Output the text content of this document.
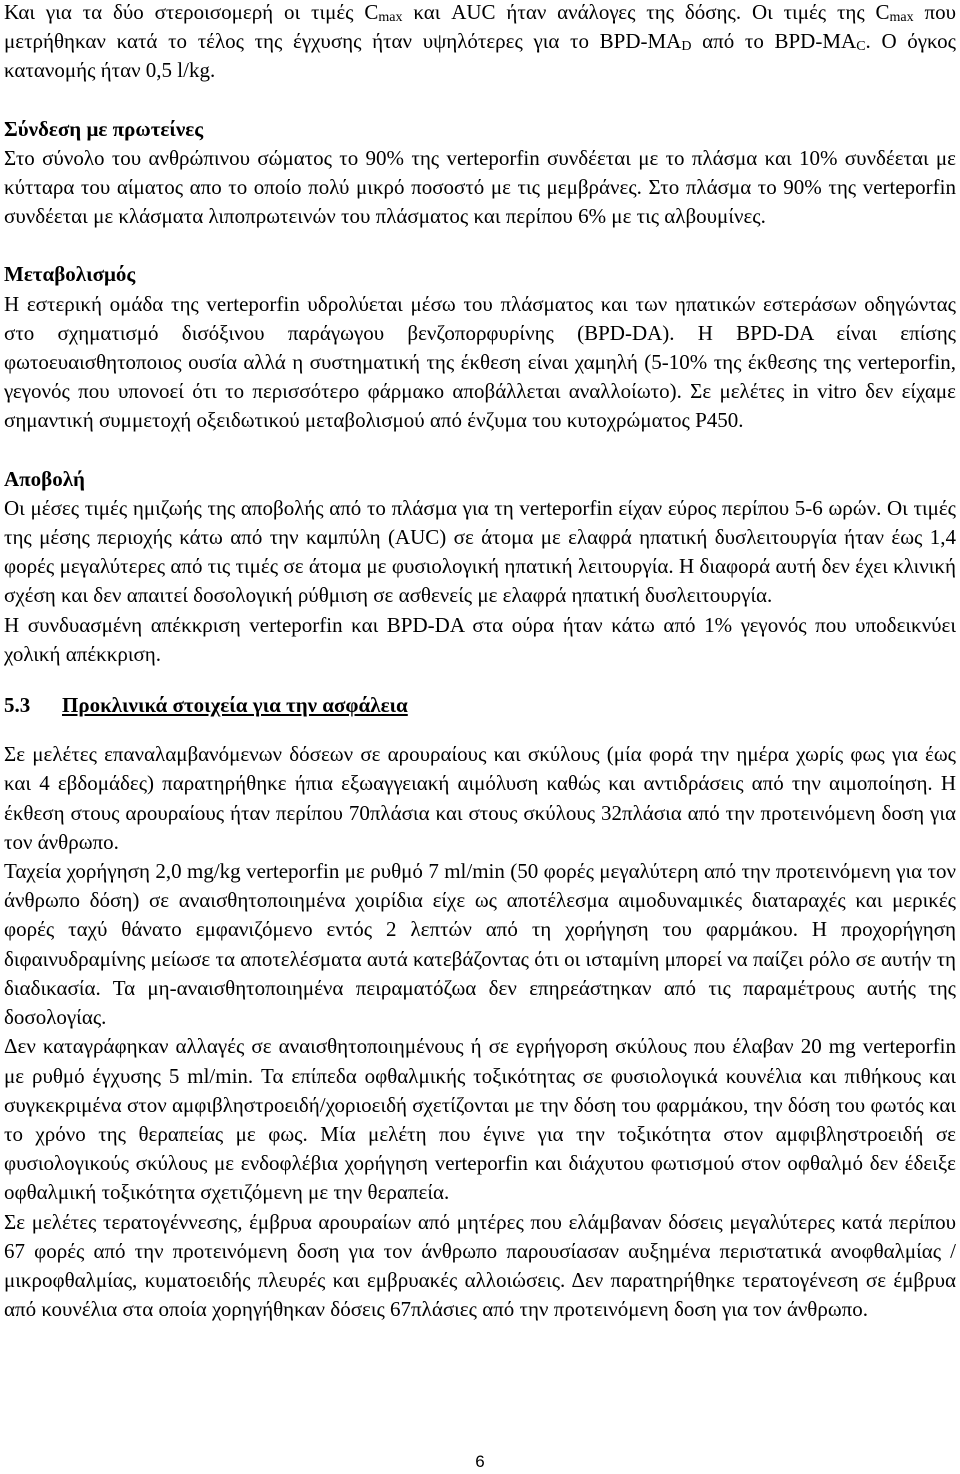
Και για τα δύο στεροισομερή οι τιμές $C_{max}$ και AUC ήταν ανάλογες της δόσης. Οι τιμές της $C_{max}$ που μετρήθηκαν κατά το τέλος της έγχυσης ήταν υψηλότερες για το BPD-$MA_D$ από το BPD-$MA_C$. Ο όγκος κατανομής ήταν 0,5 l/kg.

Σύνδεση με πρωτείνες

Στο σύνολο του ανθρώπινου σώματος το 90% της verteporfin συνδέεται με το πλάσμα και 10% συνδέεται με κύτταρα του αίματος απο το οποίο πολύ μικρό ποσοστό με τις μεμβράνες. Στο πλάσμα το 90% της verteporfin συνδέεται με κλάσματα λιποπρωτεινών του πλάσματος και περίπου 6% με τις αλβουμίνες.

Μεταβολισμός

Η εστερική ομάδα της verteporfin υδρολύεται μέσω του πλάσματος και των ηπατικών εστεράσων οδηγώντας στο σχηματισμό δισόξινου παράγωγου βενζοπορφυρίνης (BPD-DA). Η BPD-DA είναι επίσης φωτοευαισθητοποιος ουσία αλλά η συστηματική της έκθεση είναι χαμηλή (5-10% της έκθεσης της verteporfin, γεγονός που υπονοεί ότι το περισσότερο φάρμακο αποβάλλεται αναλλοίωτο). Σε μελέτες in vitro δεν είχαμε σημαντική συμμετοχή οξειδωτικού μεταβολισμού από ένζυμα του κυτοχρώματος P450.

Αποβολή

Οι μέσες τιμές ημιζωής της αποβολής από το πλάσμα για τη verteporfin είχαν εύρος περίπου 5-6 ωρών. Οι τιμές της μέσης περιοχής κάτω από την καμπύλη (AUC) σε άτομα με ελαφρά ηπατική δυσλειτουργία ήταν έως 1,4 φορές μεγαλύτερες από τις τιμές σε άτομα με φυσιολογική ηπατική λειτουργία. Η διαφορά αυτή δεν έχει κλινική σχέση και δεν απαιτεί δοσολογική ρύθμιση σε ασθενείς με ελαφρά ηπατική δυσλειτουργία.

Η συνδυασμένη απέκκριση verteporfin και BPD-DA στα ούρα ήταν κάτω από 1% γεγονός που υποδεικνύει χολική απέκκριση.

5.3	Προκλινικά στοιχεία για την ασφάλεια

Σε μελέτες επαναλαμβανόμενων δόσεων σε αρουραίους και σκύλους (μία φορά την ημέρα χωρίς φως για έως και 4 εβδομάδες) παρατηρήθηκε ήπια εξωαγγειακή αιμόλυση καθώς και αντιδράσεις από την αιμοποίηση. Η έκθεση στους αρουραίους ήταν περίπου 70πλάσια και στους σκύλους 32πλάσια από την προτεινόμενη δοση για τον άνθρωπο.

Ταχεία χορήγηση 2,0 mg/kg verteporfin με ρυθμό 7 ml/min (50 φορές μεγαλύτερη από την προτεινόμενη για τον άνθρωπο δόση) σε αναισθητοποιημένα χοιρίδια είχε ως αποτέλεσμα αιμοδυναμικές διαταραχές και μερικές φορές ταχύ θάνατο εμφανιζόμενο εντός 2 λεπτών από τη χορήγηση του φαρμάκου. Η προχορήγηση διφαινυδραμίνης μείωσε τα αποτελέσματα αυτά κατεβάζοντας ότι οι ισταμίνη μπορεί να παίζει ρόλο σε αυτήν τη διαδικασία. Τα μη-αναισθητοποιημένα πειραματόζωα δεν επηρεάστηκαν από τις παραμέτρους αυτής της δοσολογίας.

Δεν καταγράφηκαν αλλαγές σε αναισθητοποιημένους ή σε εγρήγορση σκύλους που έλαβαν 20 mg verteporfin με ρυθμό έγχυσης 5 ml/min. Τα επίπεδα οφθαλμικής τοξικότητας σε φυσιολογικά κουνέλια και πιθήκους και συγκεκριμένα στον αμφιβληστροειδή/χοριοειδή σχετίζονται με την δόση του φαρμάκου, την δόση του φωτός και το χρόνο της θεραπείας με φως. Μία μελέτη που έγινε για την τοξικότητα στον αμφιβληστροειδή σε φυσιολογικούς σκύλους με ενδοφλέβια χορήγηση verteporfin και διάχυτου φωτισμού στον οφθαλμό δεν έδειξε οφθαλμική τοξικότητα σχετιζόμενη με την θεραπεία.

Σε μελέτες τερατογέννεσης, έμβρυα αρουραίων από μητέρες που ελάμβαναν δόσεις μεγαλύτερες κατά περίπου 67 φορές από την προτεινόμενη δοση για τον άνθρωπο παρουσίασαν αυξημένα περιστατικά ανοφθαλμίας / μικροφθαλμίας, κυματοειδής πλευρές και εμβρυακές αλλοιώσεις. Δεν παρατηρήθηκε τερατογένεση σε έμβρυα από κουνέλια στα οποία χορηγήθηκαν δόσεις 67πλάσιες από την προτεινόμενη δοση για τον άνθρωπο.

6
